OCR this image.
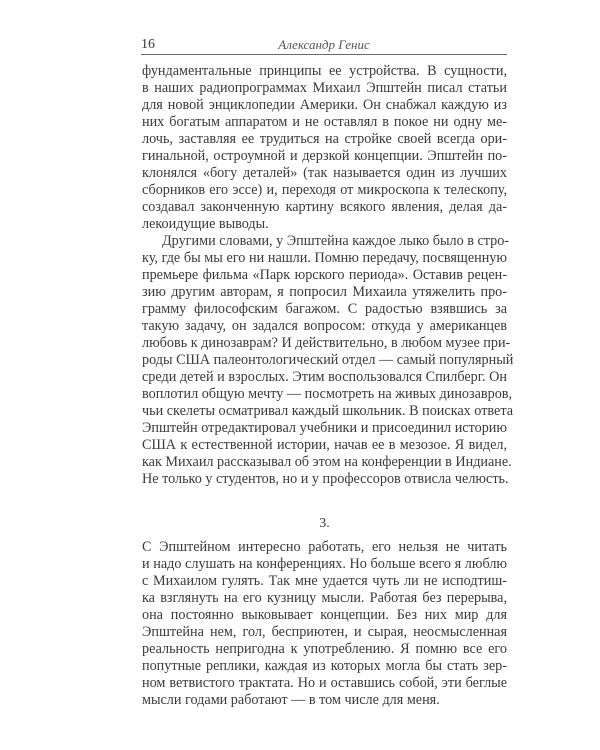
16	Александр Генис
фундаментальные принципы ее устройства. В сущности,
в наших радиопрограммах Михаил Эпштейн писал статьи
для новой энциклопедии Америки. Он снабжал каждую из
них богатым аппаратом и не оставлял в покое ни одну ме-
лочь, заставляя ее трудиться на стройке своей всегда ори-
гинальной, остроумной и дерзкой концепции. Эпштейн по-
клонялся «богу деталей» (так называется один из лучших
сборников его эссе) и, переходя от микроскопа к телескопу,
создавал законченную картину всякого явления, делая да-
лекоидущие выводы.
Другими словами, у Эпштейна каждое лыко было в стро-
ку, где бы мы его ни нашли. Помню передачу, посвященную
премьере фильма «Парк юрского периода». Оставив рецен-
зию другим авторам, я попросил Михаила утяжелить про-
грамму философским багажом. С радостью взявшись за
такую задачу, он задался вопросом: откуда у американцев
любовь к динозаврам? И действительно, в любом музее при-
роды США палеонтологический отдел — самый популярный
среди детей и взрослых. Этим воспользовался Спилберг. Он
воплотил общую мечту — посмотреть на живых динозавров,
чьи скелеты осматривал каждый школьник. В поисках ответа
Эпштейн отредактировал учебники и присоединил историю
США к естественной истории, начав ее в мезозое. Я видел,
как Михаил рассказывал об этом на конференции в Индиане.
Не только у студентов, но и у профессоров отвисла челюсть.
3.
С Эпштейном интересно работать, его нельзя не читать
и надо слушать на конференциях. Но больше всего я люблю
с Михаилом гулять. Так мне удается чуть ли не исподтиш-
ка взглянуть на его кузницу мысли. Работая без перерыва,
она постоянно выковывает концепции. Без них мир для
Эпштейна нем, гол, бесприютен, и сырая, неосмысленная
реальность непригодна к употреблению. Я помню все его
попутные реплики, каждая из которых могла бы стать зер-
ном ветвистого трактата. Но и оставшись собой, эти беглые
мысли годами работают — в том числе для меня.
